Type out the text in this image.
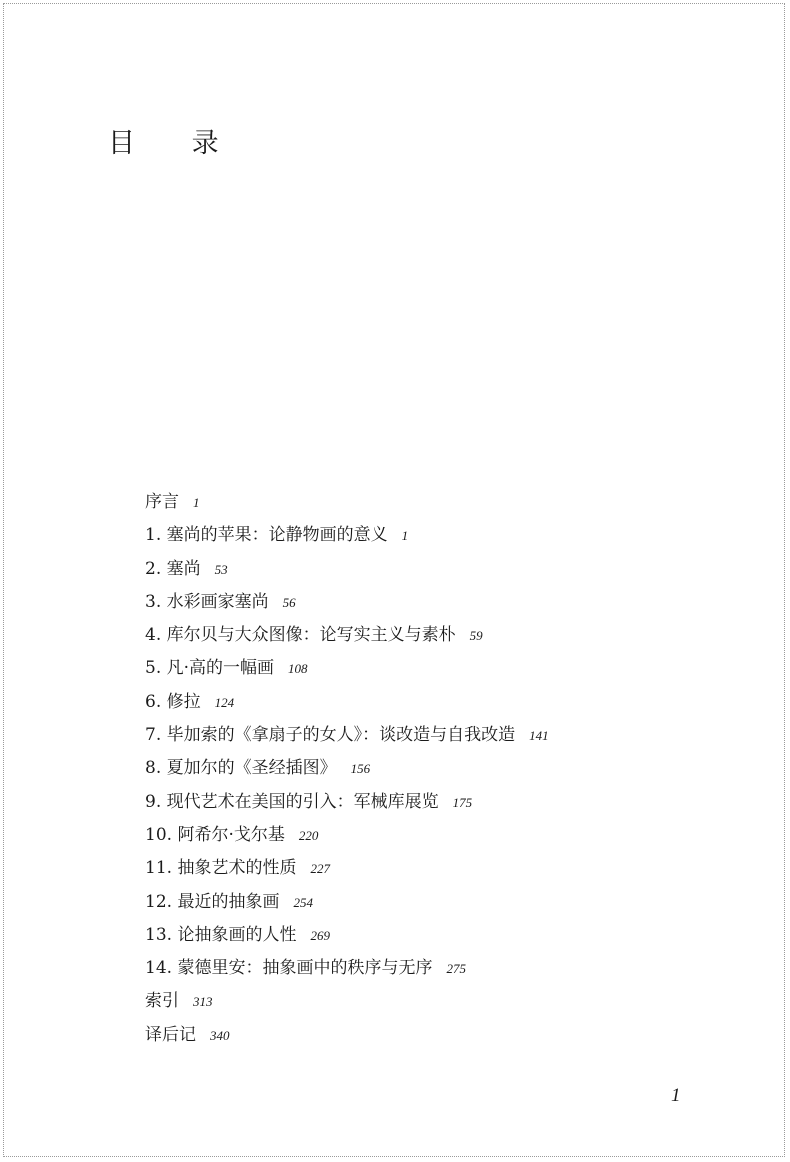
目 录
序言 1
1. 塞尚的苹果：论静物画的意义 1
2. 塞尚 53
3. 水彩画家塞尚 56
4. 库尔贝与大众图像：论写实主义与素朴 59
5. 凡·高的一幅画 108
6. 修拉 124
7. 毕加索的《拿扇子的女人》：谈改造与自我改造 141
8. 夏加尔的《圣经插图》 156
9. 现代艺术在美国的引入：军械库展览 175
10. 阿希尔·戈尔基 220
11. 抽象艺术的性质 227
12. 最近的抽象画 254
13. 论抽象画的人性 269
14. 蒙德里安：抽象画中的秩序与无序 275
索引 313
译后记 340
1
